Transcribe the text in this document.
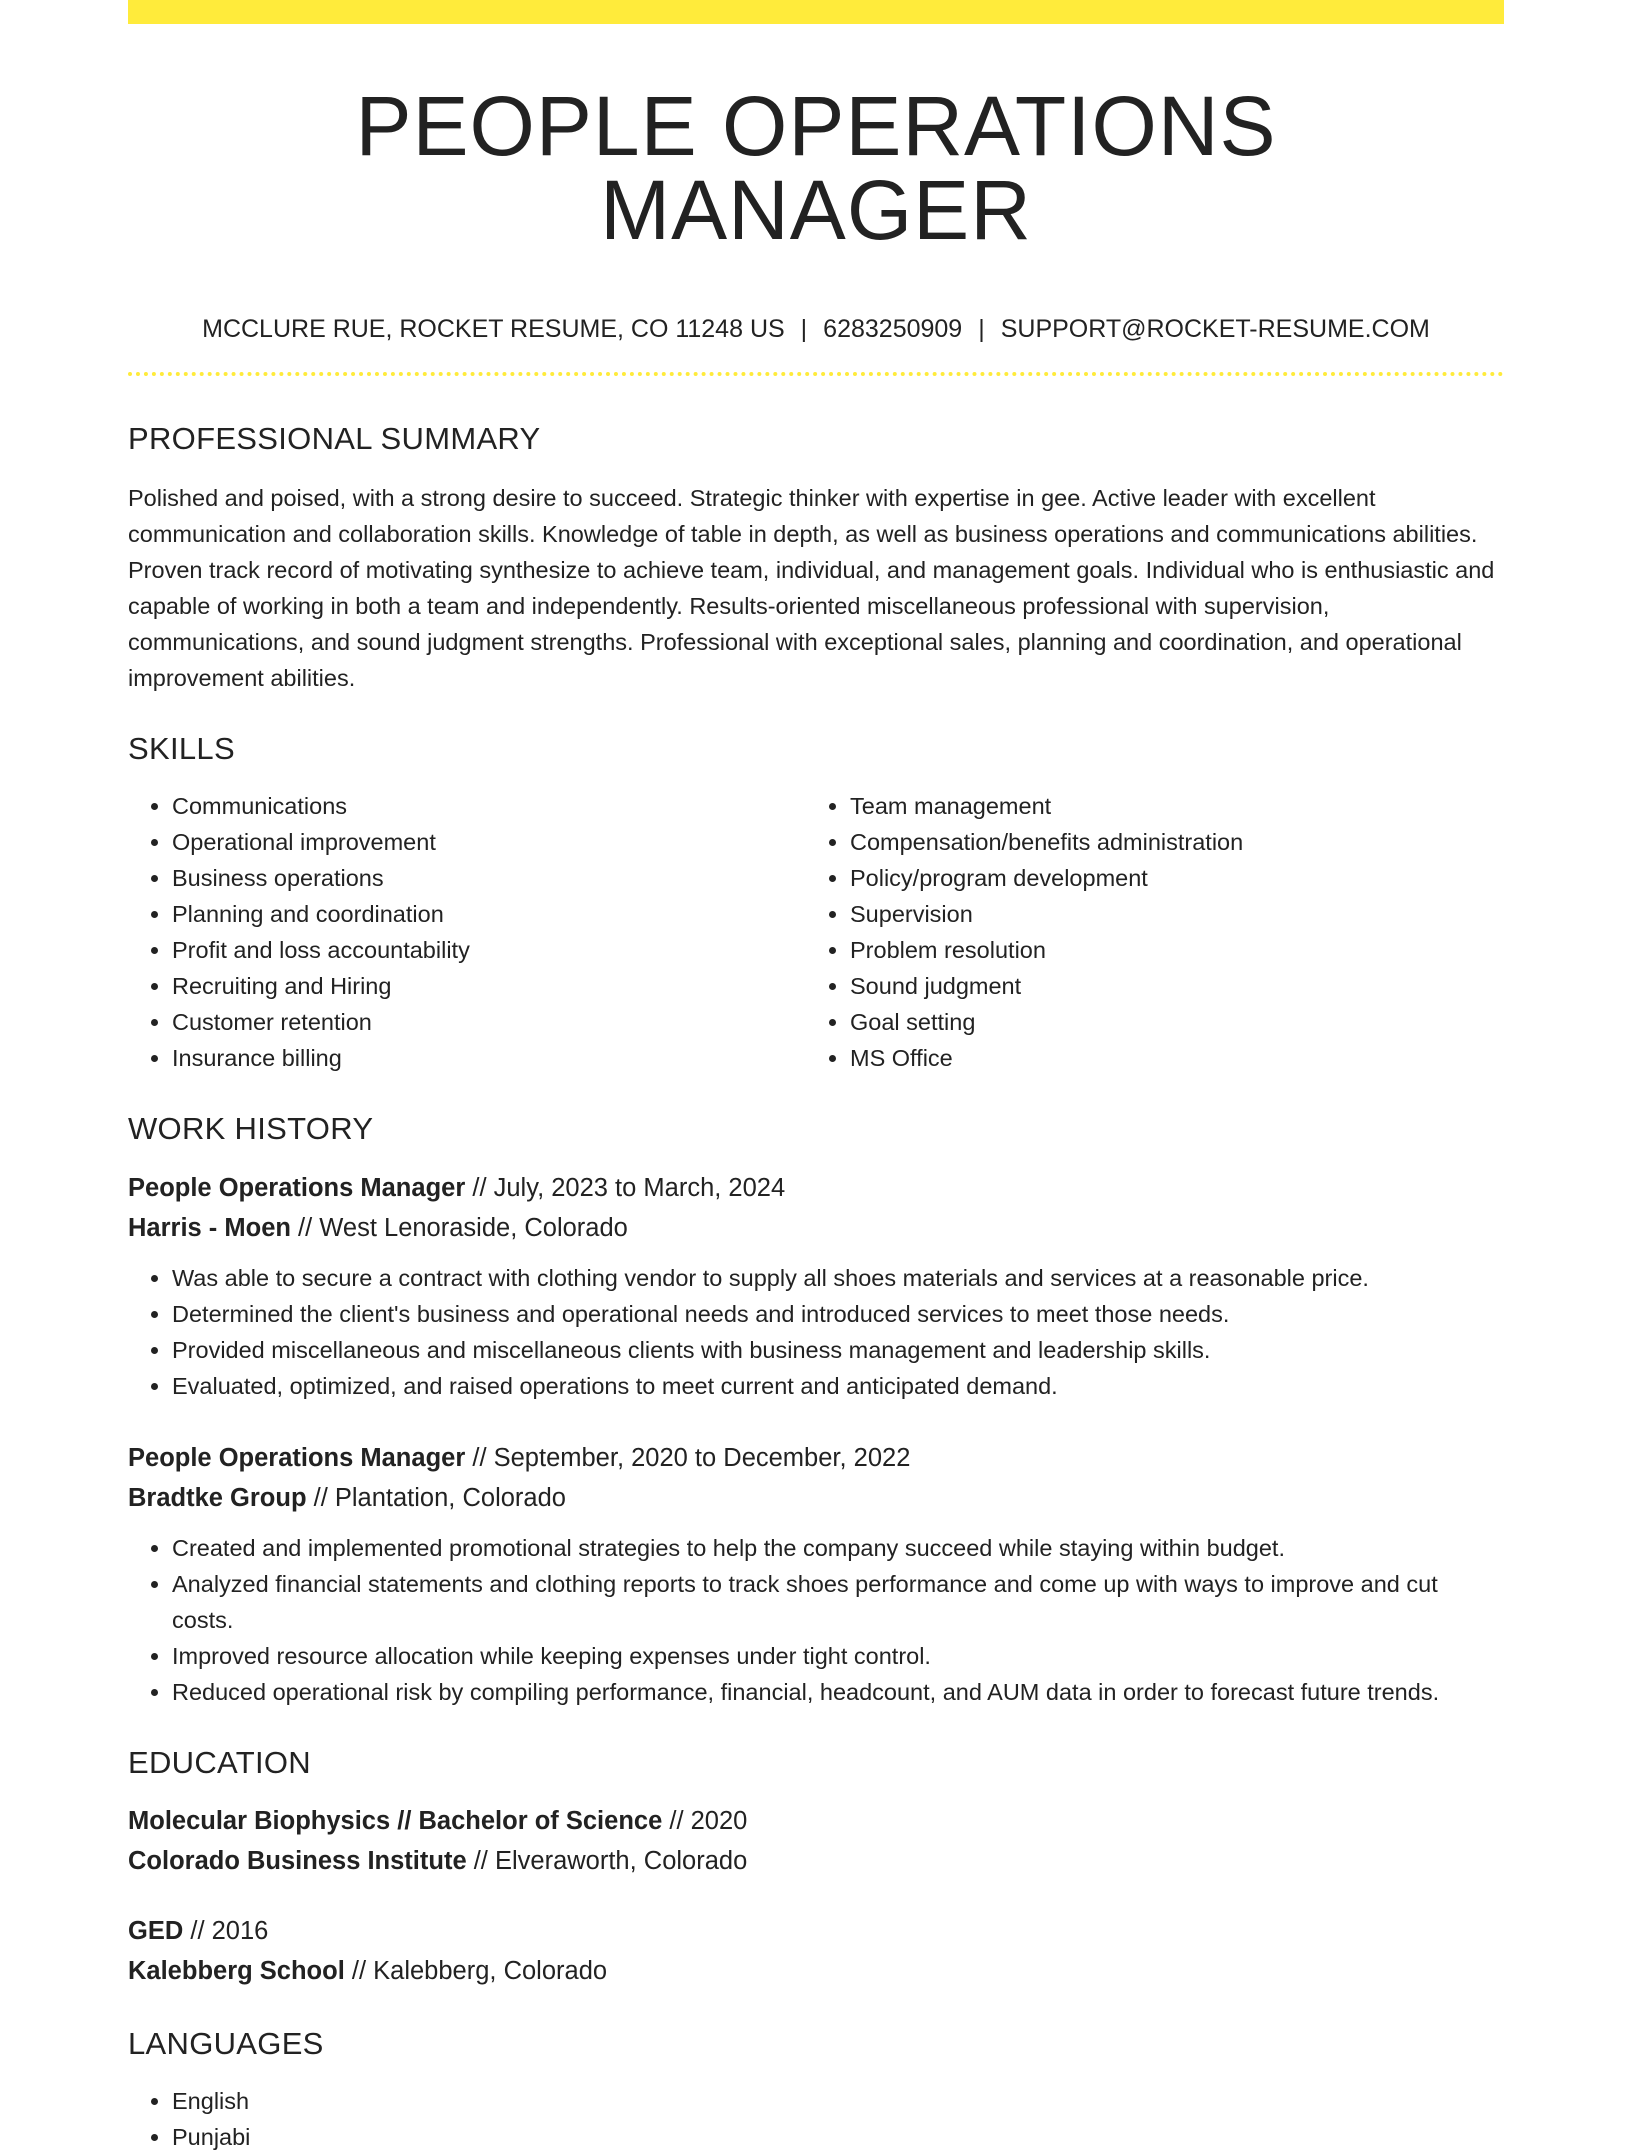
PEOPLE OPERATIONS MANAGER
MCCLURE RUE, ROCKET RESUME, CO 11248 US | 6283250909 | SUPPORT@ROCKET-RESUME.COM
PROFESSIONAL SUMMARY

Polished and poised, with a strong desire to succeed. Strategic thinker with expertise in gee. Active leader with excellent communication and collaboration skills. Knowledge of table in depth, as well as business operations and communications abilities. Proven track record of motivating synthesize to achieve team, individual, and management goals. Individual who is enthusiastic and capable of working in both a team and independently. Results-oriented miscellaneous professional with supervision, communications, and sound judgment strengths. Professional with exceptional sales, planning and coordination, and operational improvement abilities.

SKILLS
• Communications
• Operational improvement
• Business operations
• Planning and coordination
• Profit and loss accountability
• Recruiting and Hiring
• Customer retention
• Insurance billing
• Team management
• Compensation/benefits administration
• Policy/program development
• Supervision
• Problem resolution
• Sound judgment
• Goal setting
• MS Office
WORK HISTORY

People Operations Manager // July, 2023 to March, 2024

Harris - Moen // West Lenoraside, Colorado

• Was able to secure a contract with clothing vendor to supply all shoes materials and services at a reasonable price.
• Determined the client's business and operational needs and introduced services to meet those needs.
• Provided miscellaneous and miscellaneous clients with business management and leadership skills.
• Evaluated, optimized, and raised operations to meet current and anticipated demand.

People Operations Manager // September, 2020 to December, 2022

Bradtke Group // Plantation, Colorado

• Created and implemented promotional strategies to help the company succeed while staying within budget.
• Analyzed financial statements and clothing reports to track shoes performance and come up with ways to improve and cut costs.
• Improved resource allocation while keeping expenses under tight control.
• Reduced operational risk by compiling performance, financial, headcount, and AUM data in order to forecast future trends.
EDUCATION

Molecular Biophysics // Bachelor of Science // 2020

Colorado Business Institute // Elveraworth, Colorado

GED // 2016

Kalebberg School // Kalebberg, Colorado

LANGUAGES
• English
• Punjabi
